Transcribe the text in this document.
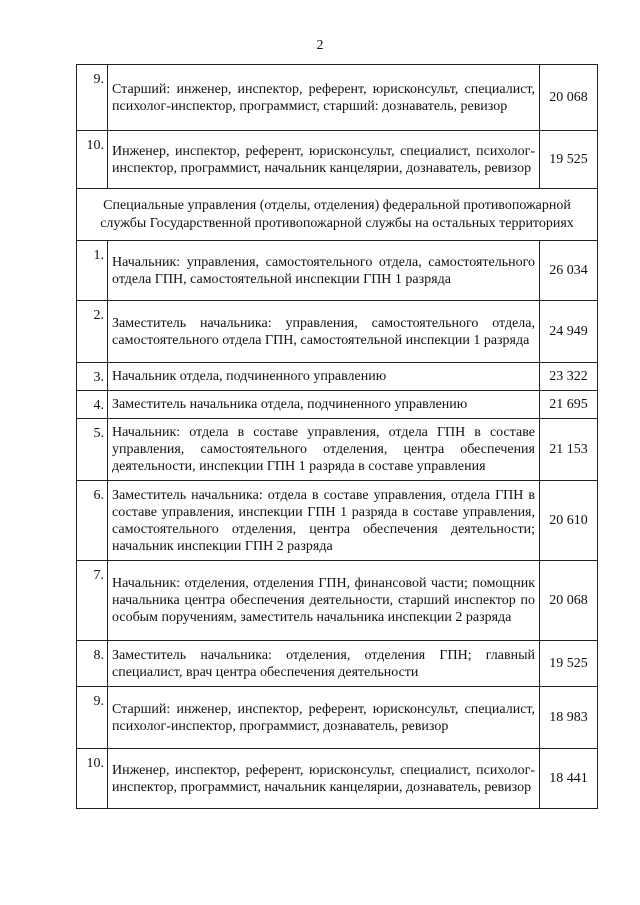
2
9.	Старший: инженер, инспектор, референт, юрисконсульт, специалист, психолог-инспектор, программист, старший: дознаватель, ревизор	20 068
10.	Инженер, инспектор, референт, юрисконсульт, специалист, психолог-инспектор, программист, начальник канцелярии, дознаватель, ревизор	19 525
Специальные управления (отделы, отделения) федеральной противопожарной службы Государственной противопожарной службы на остальных территориях		
1.	Начальник: управления, самостоятельного отдела, самостоятельного отдела ГПН, самостоятельной инспекции ГПН 1 разряда	26 034
2.	Заместитель начальника: управления, самостоятельного отдела, самостоятельного отдела ГПН, самостоятельной инспекции 1 разряда	24 949
3.	Начальник отдела, подчиненного управлению	23 322
4.	Заместитель начальника отдела, подчиненного управлению	21 695
5.	Начальник: отдела в составе управления, отдела ГПН в составе управления, самостоятельного отделения, центра обеспечения деятельности, инспекции ГПН 1 разряда в составе управления	21 153
6.	Заместитель начальника: отдела в составе управления, отдела ГПН в составе управления, инспекции ГПН 1 разряда в составе управления, самостоятельного отделения, центра обеспечения деятельности; начальник инспекции ГПН 2 разряда	20 610
7.	Начальник: отделения, отделения ГПН, финансовой части; помощник начальника центра обеспечения деятельности, старший инспектор по особым поручениям, заместитель начальника инспекции 2 разряда	20 068
8.	Заместитель начальника: отделения, отделения ГПН; главный специалист, врач центра обеспечения деятельности	19 525
9.	Старший: инженер, инспектор, референт, юрисконсульт, специалист, психолог-инспектор, программист, дознаватель, ревизор	18 983
10.	Инженер, инспектор, референт, юрисконсульт, специалист, психолог-инспектор, программист, начальник канцелярии, дознаватель, ревизор	18 441
